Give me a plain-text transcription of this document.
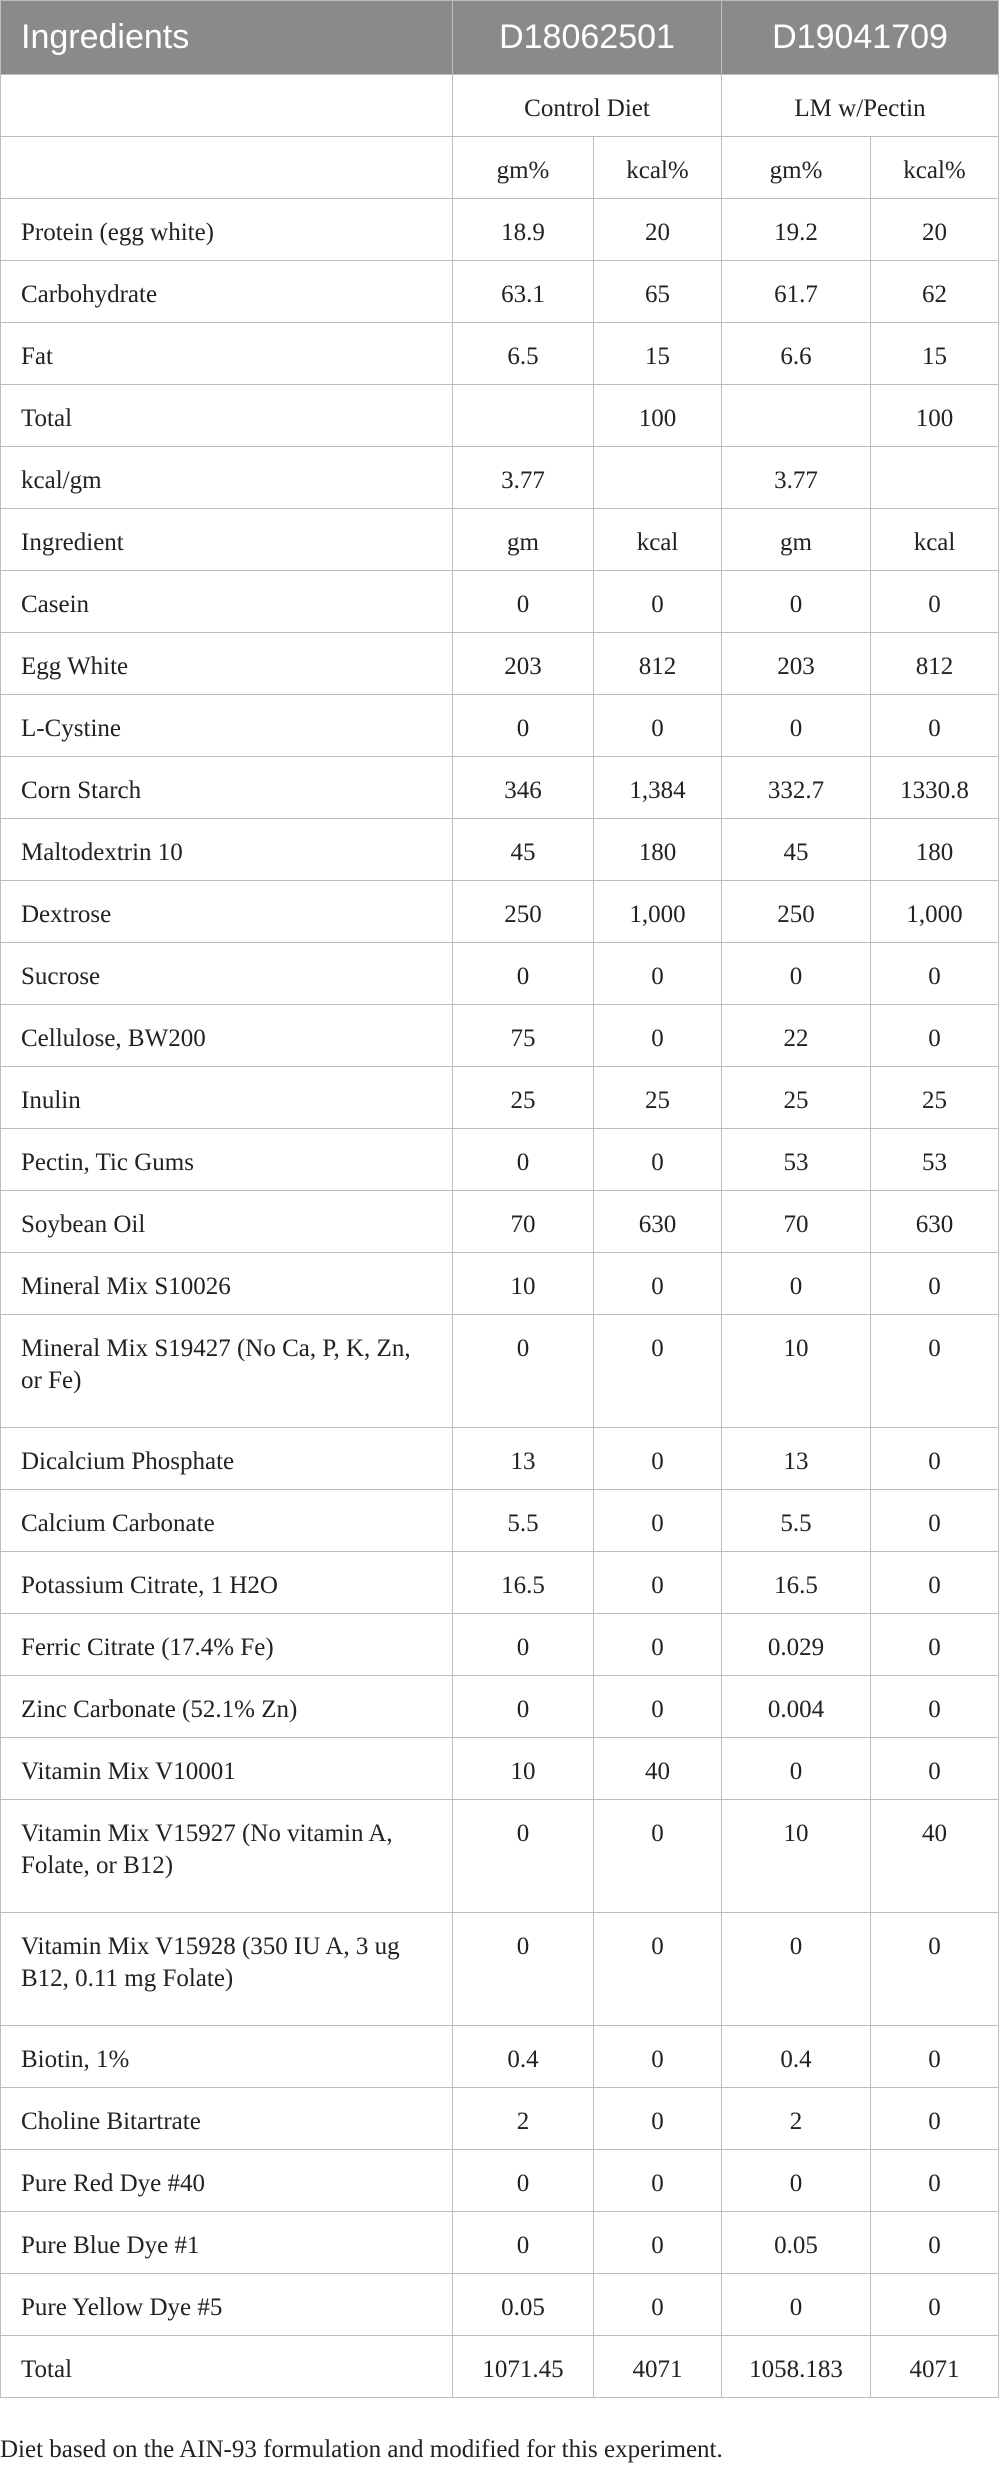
Ingredients	D18062501		D19041709	
	Control Diet		LM w/Pectin	
	gm%	kcal%	gm%	kcal%
Protein (egg white)	18.9	20	19.2	20
Carbohydrate	63.1	65	61.7	62
Fat	6.5	15	6.6	15
Total		100		100
kcal/gm	3.77		3.77	
Ingredient	gm	kcal	gm	kcal
Casein	0	0	0	0
Egg White	203	812	203	812
L-Cystine	0	0	0	0
Corn Starch	346	1,384	332.7	1330.8
Maltodextrin 10	45	180	45	180
Dextrose	250	1,000	250	1,000
Sucrose	0	0	0	0
Cellulose, BW200	75	0	22	0
Inulin	25	25	25	25
Pectin, Tic Gums	0	0	53	53
Soybean Oil	70	630	70	630
Mineral Mix S10026	10	0	0	0
Mineral Mix S19427 (No Ca, P, K, Zn, or Fe)	0	0	10	0
Dicalcium Phosphate	13	0	13	0
Calcium Carbonate	5.5	0	5.5	0
Potassium Citrate, 1 H2O	16.5	0	16.5	0
Ferric Citrate (17.4% Fe)	0	0	0.029	0
Zinc Carbonate (52.1% Zn)	0	0	0.004	0
Vitamin Mix V10001	10	40	0	0
Vitamin Mix V15927 (No vitamin A, Folate, or B12)	0	0	10	40
Vitamin Mix V15928 (350 IU A, 3 ug B12, 0.11 mg Folate)	0	0	0	0
Biotin, 1%	0.4	0	0.4	0
Choline Bitartrate	2	0	2	0
Pure Red Dye #40	0	0	0	0
Pure Blue Dye #1	0	0	0.05	0
Pure Yellow Dye #5	0.05	0	0	0
Total	1071.45	4071	1058.183	4071
Diet based on the AIN-93 formulation and modified for this experiment.
